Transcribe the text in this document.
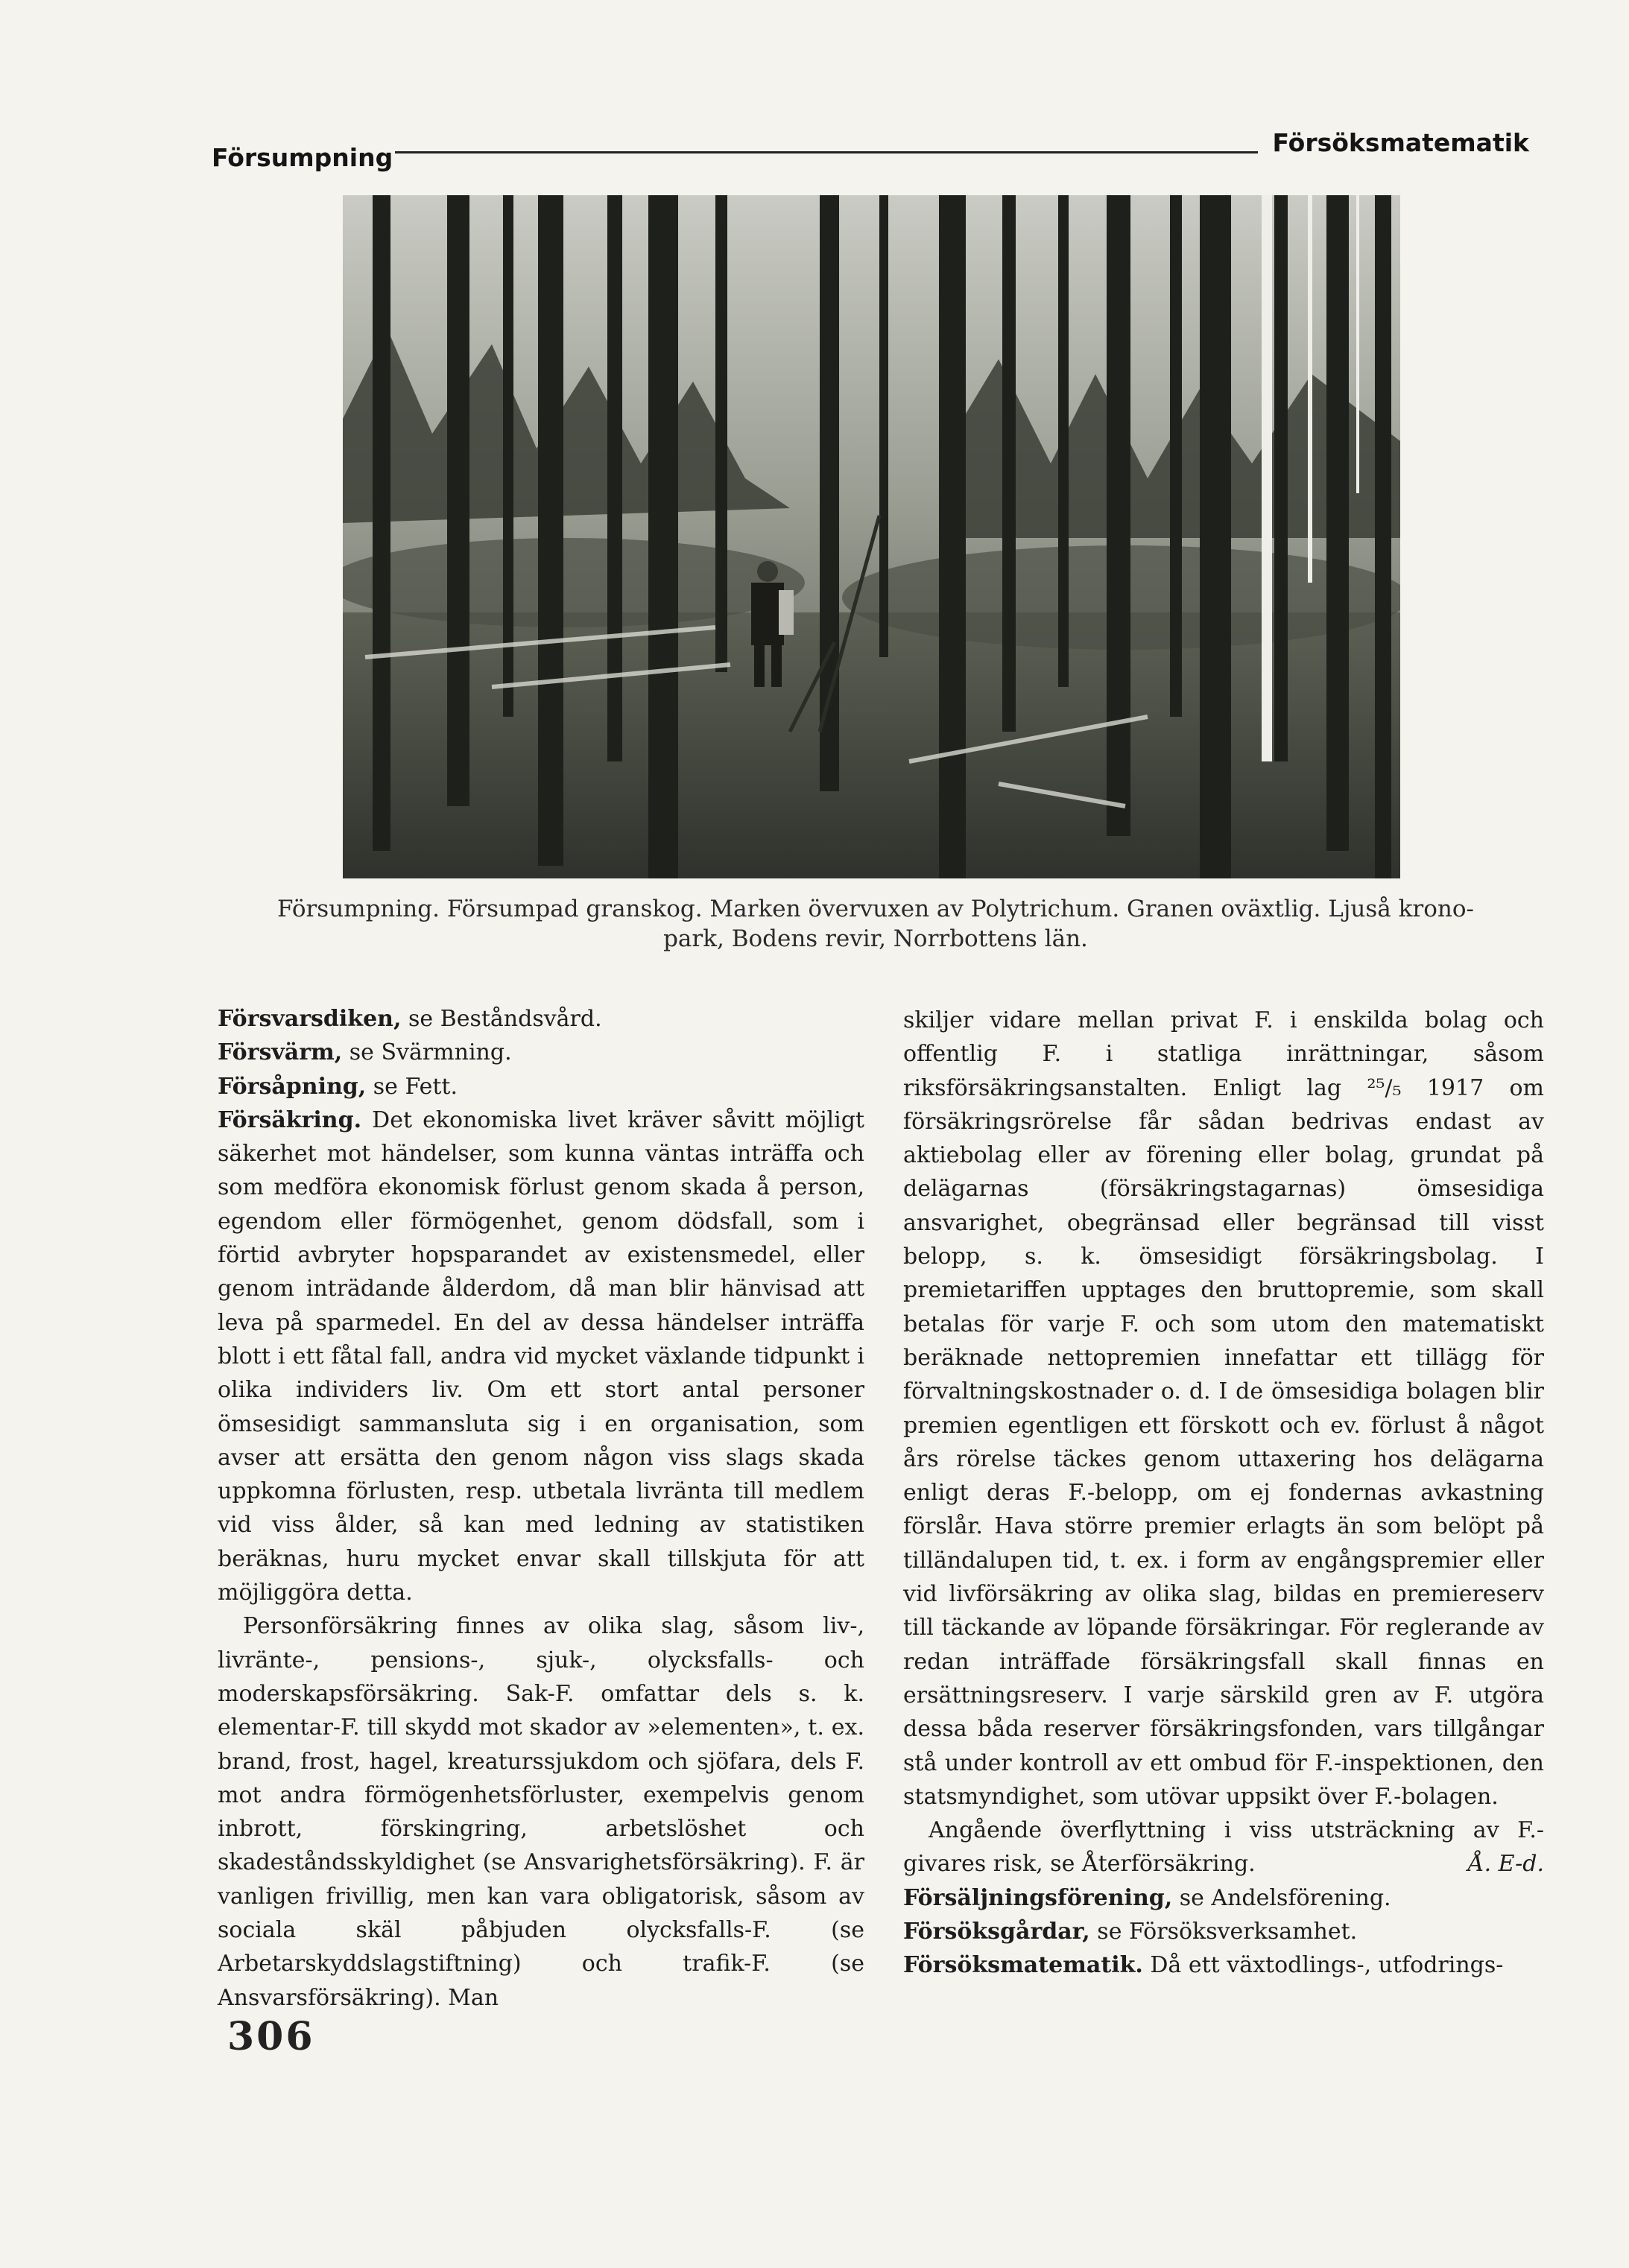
Försumpning
Försöksmatematik
Försumpning. Försumpad granskog. Marken övervuxen av Polytrichum. Granen oväxtlig. Ljuså krono-
park, Bodens revir, Norrbottens län.

Försvarsdiken, se Beståndsvård.

Försvärm, se Svärmning.

Försåpning, se Fett.

Försäkring. Det ekonomiska livet kräver såvitt möjligt säkerhet mot händelser, som kunna väntas inträffa och som medföra ekonomisk förlust genom skada å person, egendom eller förmögenhet, genom dödsfall, som i förtid avbryter hopsparandet av existensmedel, eller genom inträdande ålderdom, då man blir hänvisad att leva på sparmedel. En del av dessa händelser inträffa blott i ett fåtal fall, andra vid mycket växlande tidpunkt i olika individers liv. Om ett stort antal personer ömsesidigt sammansluta sig i en organisation, som avser att ersätta den genom någon viss slags skada uppkomna förlusten, resp. utbetala livränta till medlem vid viss ålder, så kan med ledning av statistiken beräknas, huru mycket envar skall tillskjuta för att möjliggöra detta.

Personförsäkring finnes av olika slag, såsom liv-, livränte-, pensions-, sjuk-, olycksfalls- och moderskapsförsäkring. Sak-F. omfattar dels s. k. elementar-F. till skydd mot skador av »elementen», t. ex. brand, frost, hagel, kreaturssjukdom och sjöfara, dels F. mot andra förmögenhetsförluster, exempelvis genom inbrott, förskingring, arbetslöshet och skadeståndsskyldighet (se Ansvarighetsförsäkring). F. är vanligen frivillig, men kan vara obligatorisk, såsom av sociala skäl påbjuden olycksfalls-F. (se Arbetarskyddslagstiftning) och trafik-F. (se Ansvarsförsäkring). Man

skiljer vidare mellan privat F. i enskilda bolag och offentlig F. i statliga inrättningar, såsom riksförsäkringsanstalten. Enligt lag ²⁵/₅ 1917 om försäkringsrörelse får sådan bedrivas endast av aktiebolag eller av förening eller bolag, grundat på delägarnas (försäkringstagarnas) ömsesidiga ansvarighet, obegränsad eller begränsad till visst belopp, s. k. ömsesidigt försäkringsbolag. I premietariffen upptages den bruttopremie, som skall betalas för varje F. och som utom den matematiskt beräknade nettopremien innefattar ett tillägg för förvaltningskostnader o. d. I de ömsesidiga bolagen blir premien egentligen ett förskott och ev. förlust å något års rörelse täckes genom uttaxering hos delägarna enligt deras F.-belopp, om ej fondernas avkastning förslår. Hava större premier erlagts än som belöpt på tilländalupen tid, t. ex. i form av engångspremier eller vid livförsäkring av olika slag, bildas en premiereserv till täckande av löpande försäkringar. För reglerande av redan inträffade försäkringsfall skall finnas en ersättningsreserv. I varje särskild gren av F. utgöra dessa båda reserver försäkringsfonden, vars tillgångar stå under kontroll av ett ombud för F.-inspektionen, den statsmyndighet, som utövar uppsikt över F.-bolagen.

Angående överflyttning i viss utsträckning av F.-givares risk, se Återförsäkring.	Å. E-d.

Försäljningsförening, se Andelsförening.

Försöksgårdar, se Försöksverksamhet.

Försöksmatematik. Då ett växtodlings-, utfodrings-

306
